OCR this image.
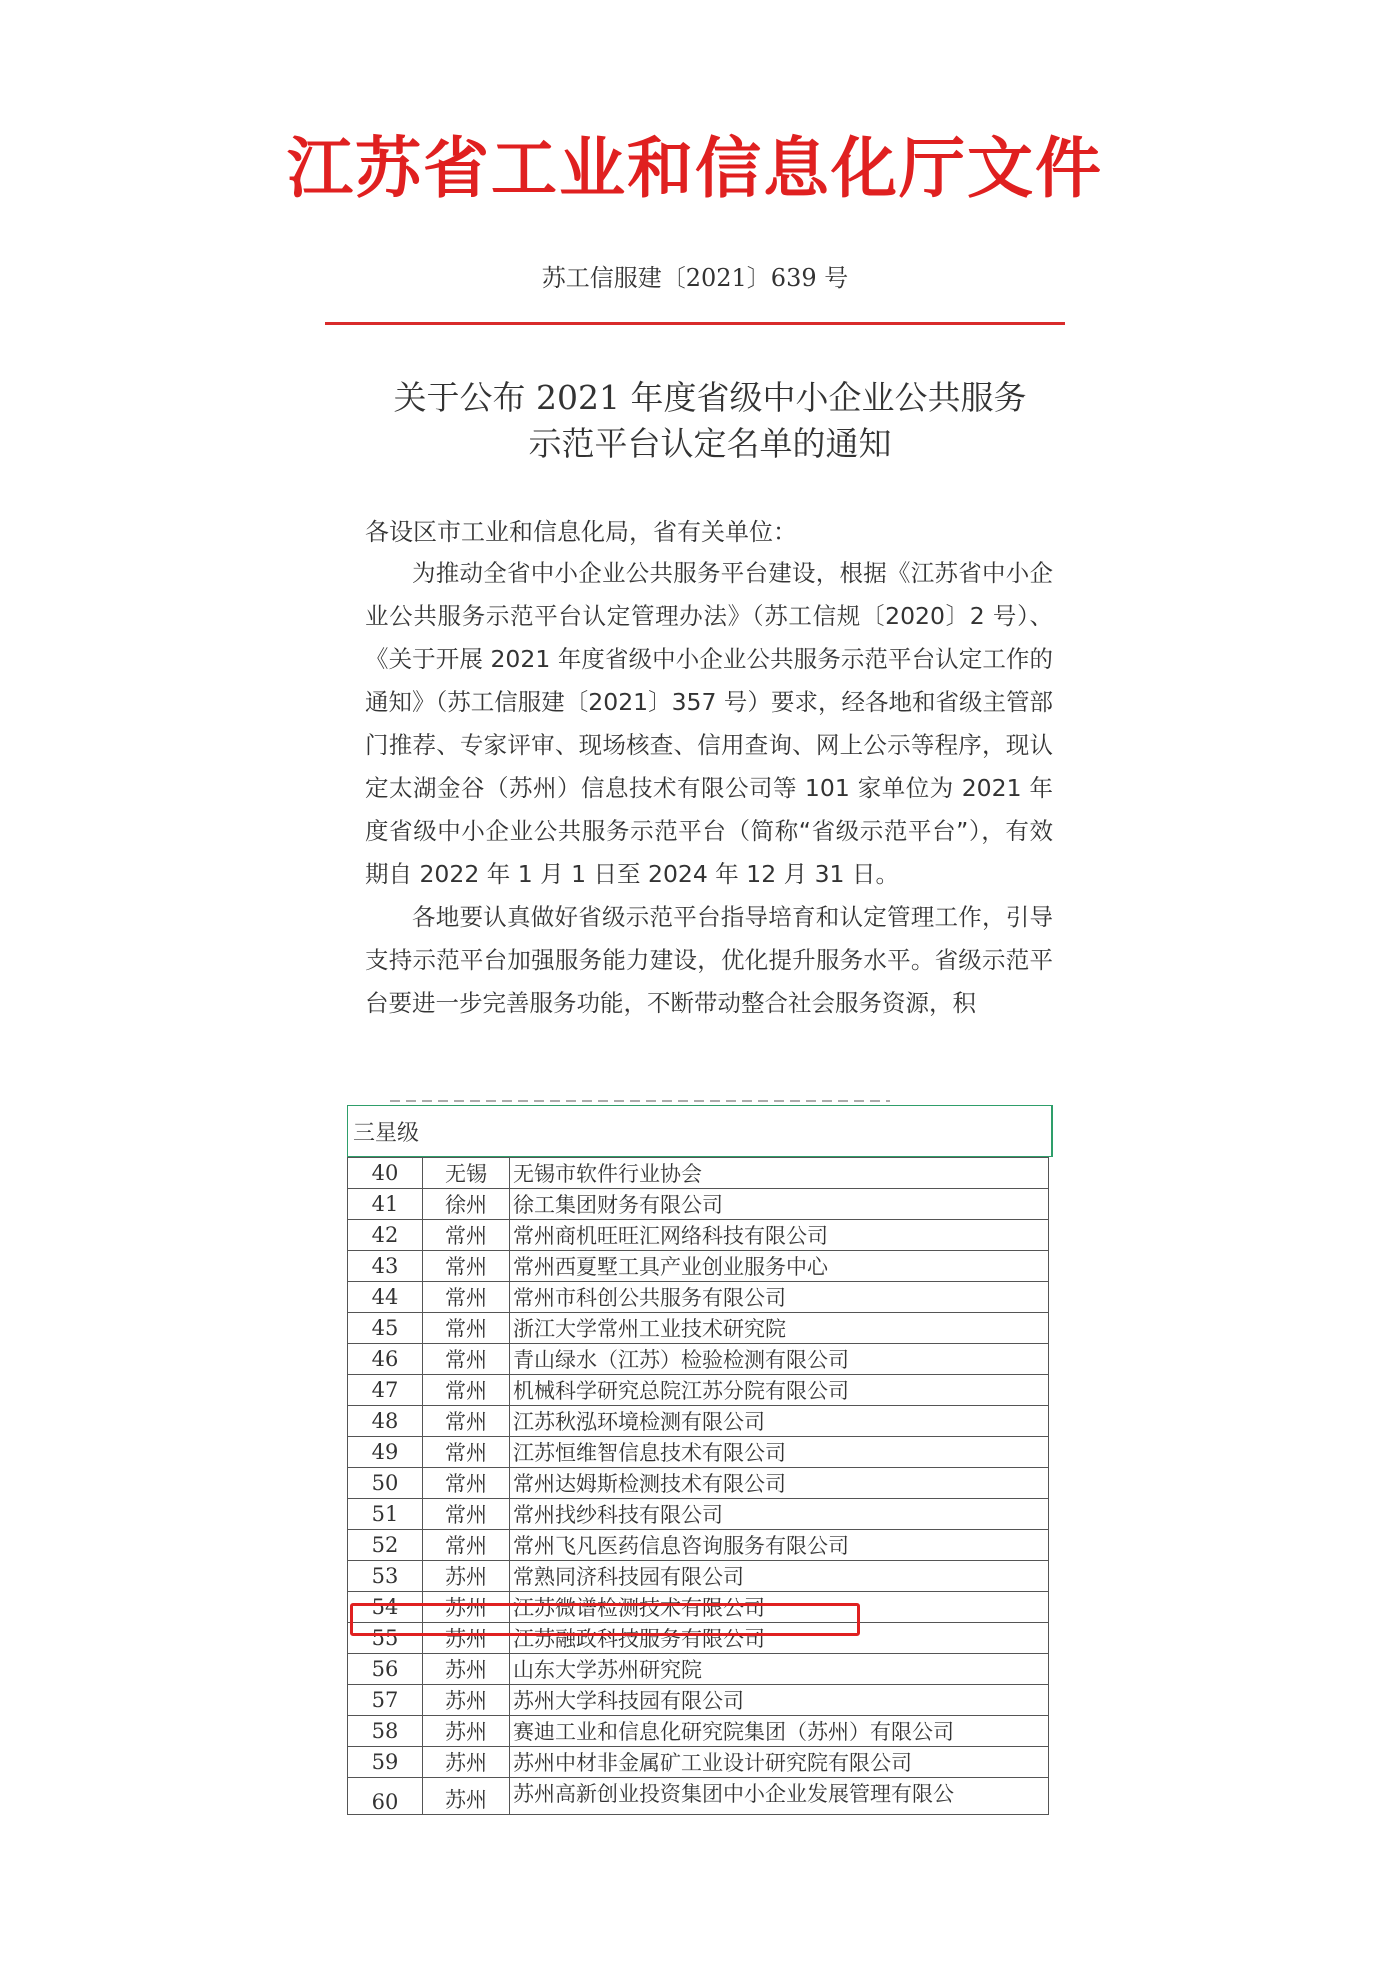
江苏省工业和信息化厅文件
苏工信服建〔2021〕639 号
关于公布 2021 年度省级中小企业公共服务
示范平台认定名单的通知
各设区市工业和信息化局，省有关单位：

为推动全省中小企业公共服务平台建设，根据《江苏省中小企业公共服务示范平台认定管理办法》（苏工信规〔2020〕2 号）、《关于开展 2021 年度省级中小企业公共服务示范平台认定工作的通知》（苏工信服建〔2021〕357 号）要求，经各地和省级主管部门推荐、专家评审、现场核查、信用查询、网上公示等程序，现认定太湖金谷（苏州）信息技术有限公司等 101 家单位为 2021 年度省级中小企业公共服务示范平台（简称“省级示范平台”），有效期自 2022 年 1 月 1 日至 2024 年 12 月 31 日。

各地要认真做好省级示范平台指导培育和认定管理工作，引导支持示范平台加强服务能力建设，优化提升服务水平。省级示范平台要进一步完善服务功能，不断带动整合社会服务资源，积

三星级
40	无锡	无锡市软件行业协会
41	徐州	徐工集团财务有限公司
42	常州	常州商机旺旺汇网络科技有限公司
43	常州	常州西夏墅工具产业创业服务中心
44	常州	常州市科创公共服务有限公司
45	常州	浙江大学常州工业技术研究院
46	常州	青山绿水（江苏）检验检测有限公司
47	常州	机械科学研究总院江苏分院有限公司
48	常州	江苏秋泓环境检测有限公司
49	常州	江苏恒维智信息技术有限公司
50	常州	常州达姆斯检测技术有限公司
51	常州	常州找纱科技有限公司
52	常州	常州飞凡医药信息咨询服务有限公司
53	苏州	常熟同济科技园有限公司
54	苏州	江苏微谱检测技术有限公司
55	苏州	江苏融政科技服务有限公司
56	苏州	山东大学苏州研究院
57	苏州	苏州大学科技园有限公司
58	苏州	赛迪工业和信息化研究院集团（苏州）有限公司
59	苏州	苏州中材非金属矿工业设计研究院有限公司
60	苏州	苏州高新创业投资集团中小企业发展管理有限公
